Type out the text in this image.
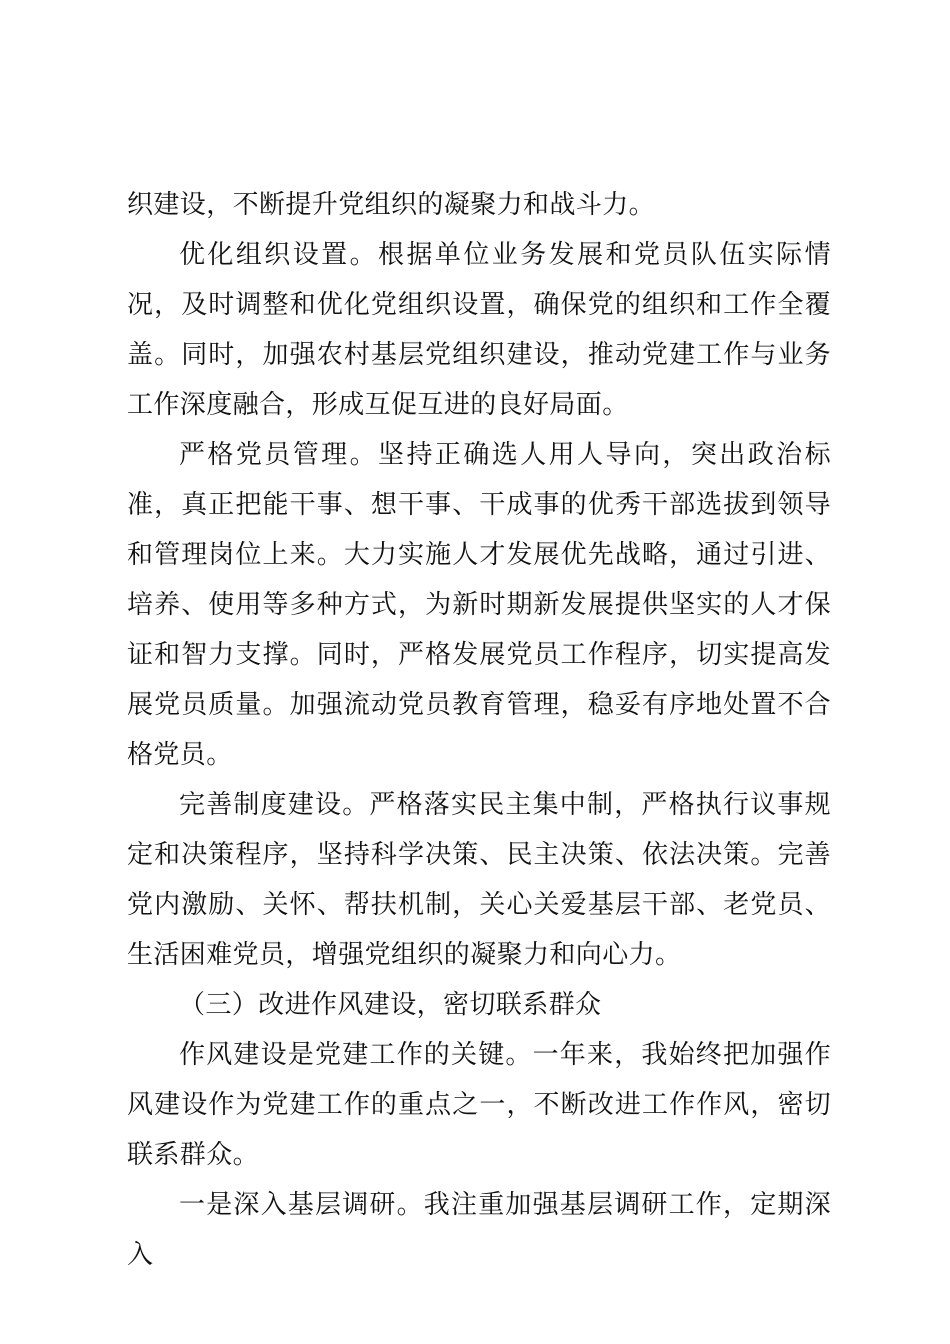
织建设，不断提升党组织的凝聚力和战斗力。

优化组织设置。根据单位业务发展和党员队伍实际情况，及时调整和优化党组织设置，确保党的组织和工作全覆盖。同时，加强农村基层党组织建设，推动党建工作与业务工作深度融合，形成互促互进的良好局面。

严格党员管理。坚持正确选人用人导向，突出政治标准，真正把能干事、想干事、干成事的优秀干部选拔到领导和管理岗位上来。大力实施人才发展优先战略，通过引进、培养、使用等多种方式，为新时期新发展提供坚实的人才保证和智力支撑。同时，严格发展党员工作程序，切实提高发展党员质量。加强流动党员教育管理，稳妥有序地处置不合格党员。

完善制度建设。严格落实民主集中制，严格执行议事规定和决策程序，坚持科学决策、民主决策、依法决策。完善党内激励、关怀、帮扶机制，关心关爱基层干部、老党员、生活困难党员，增强党组织的凝聚力和向心力。

（三）改进作风建设，密切联系群众

作风建设是党建工作的关键。一年来，我始终把加强作风建设作为党建工作的重点之一，不断改进工作作风，密切联系群众。

一是深入基层调研。我注重加强基层调研工作，定期深入
